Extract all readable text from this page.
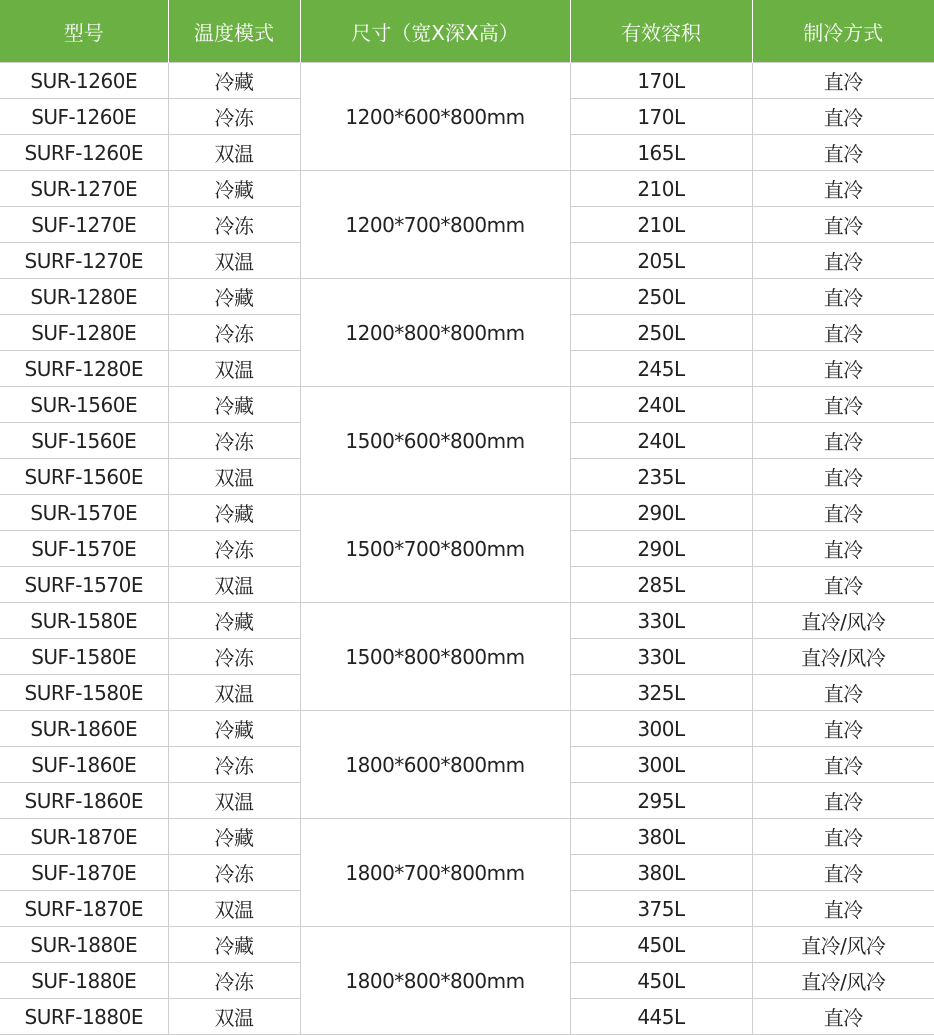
型号	温度模式	尺寸（宽X深X高）	有效容积	制冷方式
SUR-1260E	冷藏	1200*600*800mm	170L	直冷
SUF-1260E	冷冻		170L	直冷
SURF-1260E	双温		165L	直冷
SUR-1270E	冷藏	1200*700*800mm	210L	直冷
SUF-1270E	冷冻		210L	直冷
SURF-1270E	双温		205L	直冷
SUR-1280E	冷藏	1200*800*800mm	250L	直冷
SUF-1280E	冷冻		250L	直冷
SURF-1280E	双温		245L	直冷
SUR-1560E	冷藏	1500*600*800mm	240L	直冷
SUF-1560E	冷冻		240L	直冷
SURF-1560E	双温		235L	直冷
SUR-1570E	冷藏	1500*700*800mm	290L	直冷
SUF-1570E	冷冻		290L	直冷
SURF-1570E	双温		285L	直冷
SUR-1580E	冷藏	1500*800*800mm	330L	直冷/风冷
SUF-1580E	冷冻		330L	直冷/风冷
SURF-1580E	双温		325L	直冷
SUR-1860E	冷藏	1800*600*800mm	300L	直冷
SUF-1860E	冷冻		300L	直冷
SURF-1860E	双温		295L	直冷
SUR-1870E	冷藏	1800*700*800mm	380L	直冷
SUF-1870E	冷冻		380L	直冷
SURF-1870E	双温		375L	直冷
SUR-1880E	冷藏	1800*800*800mm	450L	直冷/风冷
SUF-1880E	冷冻		450L	直冷/风冷
SURF-1880E	双温		445L	直冷
